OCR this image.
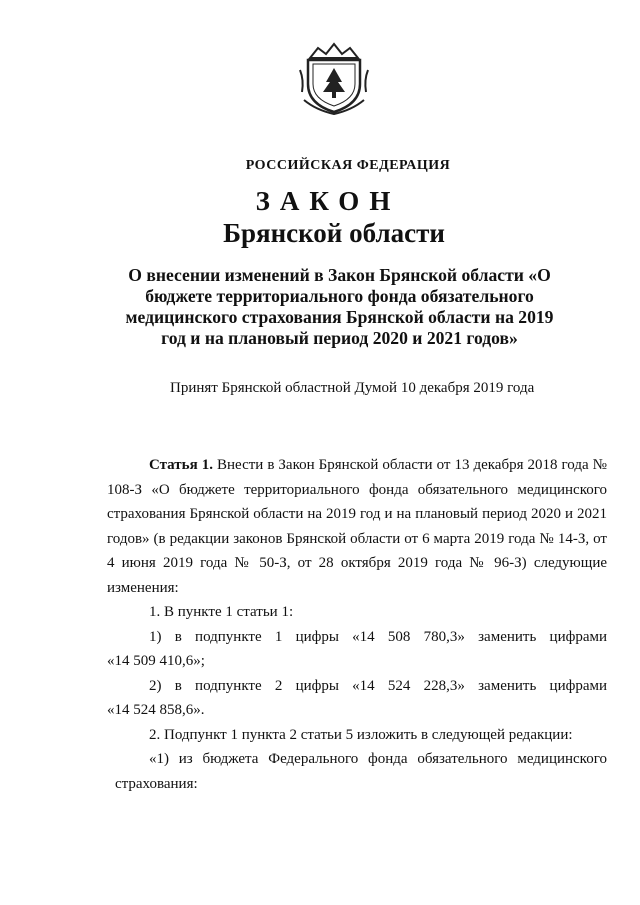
РОССИЙСКАЯ ФЕДЕРАЦИЯ
ЗАКОН
Брянской области
О внесении изменений в Закон Брянской области «О бюджете территориального фонда обязательного медицинского страхования Брянской области на 2019 год и на плановый период 2020 и 2021 годов»
Принят Брянской областной Думой 10 декабря 2019 года

Статья 1. Внести в Закон Брянской области от 13 декабря 2018 года № 108-З «О бюджете территориального фонда обязательного медицинского страхования Брянской области на 2019 год и на плановый период 2020 и 2021 годов» (в редакции законов Брянской области от 6 марта 2019 года № 14-З, от 4 июня 2019 года № 50-З, от 28 октября 2019 года № 96-З) следующие изменения:

1. В пункте 1 статьи 1:

1) в подпункте 1 цифры «14 508 780,3» заменить цифрами

«14 509 410,6»;

2) в подпункте 2 цифры «14 524 228,3» заменить цифрами

«14 524 858,6».

2. Подпункт 1 пункта 2 статьи 5 изложить в следующей редакции:

«1) из бюджета Федерального фонда обязательного медицинского

страхования:
